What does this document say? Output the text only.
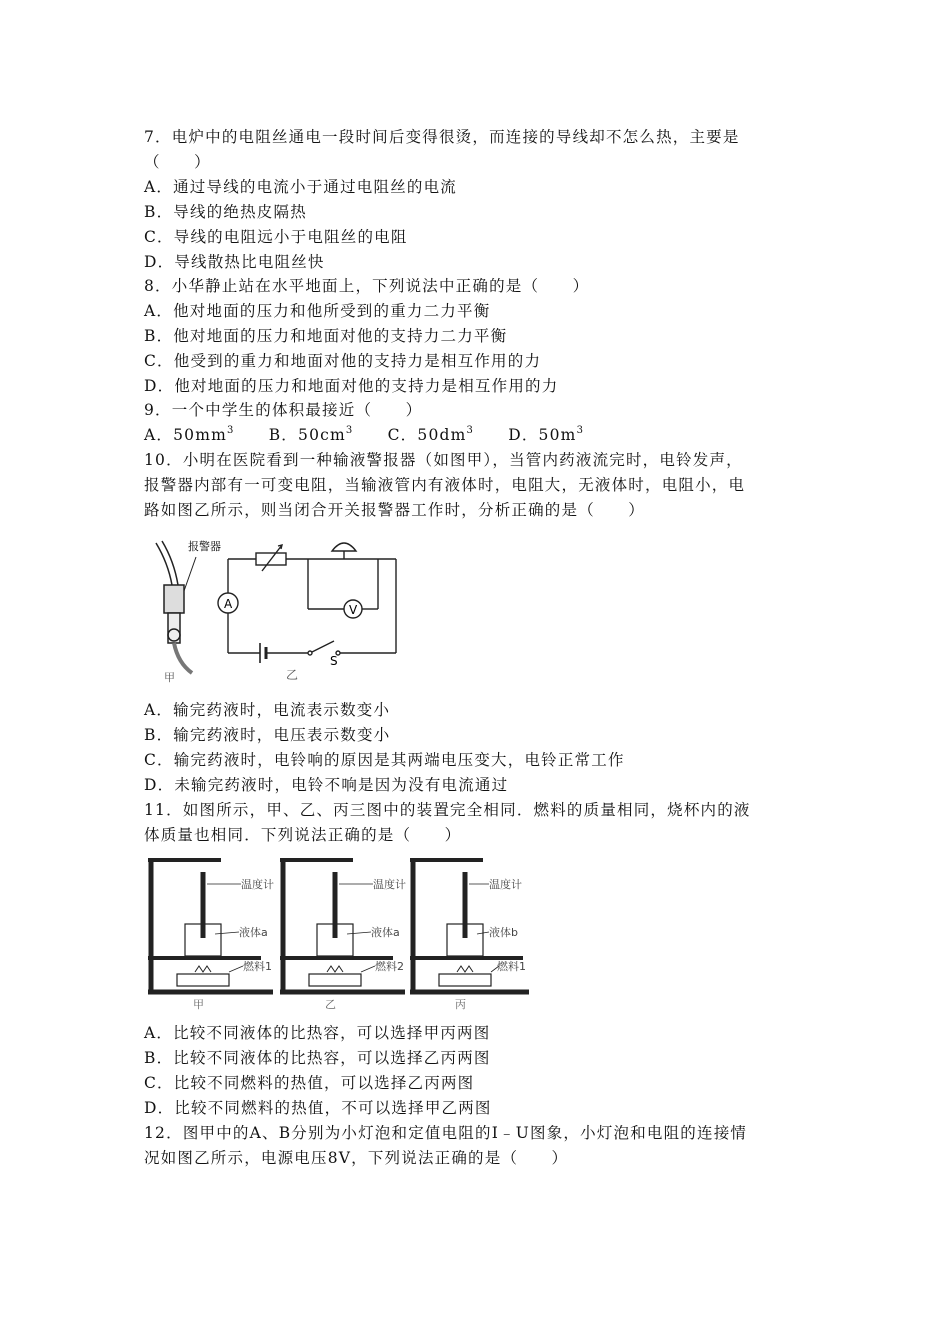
7．电炉中的电阻丝通电一段时间后变得很烫，而连接的导线却不怎么热，主要是
（　　）
A．通过导线的电流小于通过电阻丝的电流
B．导线的绝热皮隔热
C．导线的电阻远小于电阻丝的电阻
D．导线散热比电阻丝快
8．小华静止站在水平地面上，下列说法中正确的是（　　）
A．他对地面的压力和他所受到的重力二力平衡
B．他对地面的压力和地面对他的支持力二力平衡
C．他受到的重力和地面对他的支持力是相互作用的力
D．他对地面的压力和地面对他的支持力是相互作用的力
9．一个中学生的体积最接近（　　）
A．$50mm^3$ B．$50cm^3$ C．$50dm^3$ D．$50m^3$
10．小明在医院看到一种输液警报器（如图甲），当管内药液流完时，电铃发声，
报警器内部有一可变电阻，当输液管内有液体时，电阻大，无液体时，电阻小，电
路如图乙所示，则当闭合开关报警器工作时，分析正确的是（　　）
报警器
甲
A	V
S
乙
A．输完药液时，电流表示数变小
B．输完药液时，电压表示数变小
C．输完药液时，电铃响的原因是其两端电压变大，电铃正常工作
D．未输完药液时，电铃不响是因为没有电流通过
11．如图所示，甲、乙、丙三图中的装置完全相同．燃料的质量相同，烧杯内的液
体质量也相同．下列说法正确的是（　　）
温度计
液体a
燃料1
甲
温度计
液体a
燃料2
乙
温度计
液体b
燃料1
丙
A．比较不同液体的比热容，可以选择甲丙两图
B．比较不同液体的比热容，可以选择乙丙两图
C．比较不同燃料的热值，可以选择乙丙两图
D．比较不同燃料的热值，不可以选择甲乙两图
12．图甲中的A、B分别为小灯泡和定值电阻的I﹣U图象，小灯泡和电阻的连接情
况如图乙所示，电源电压8V，下列说法正确的是（　　）
